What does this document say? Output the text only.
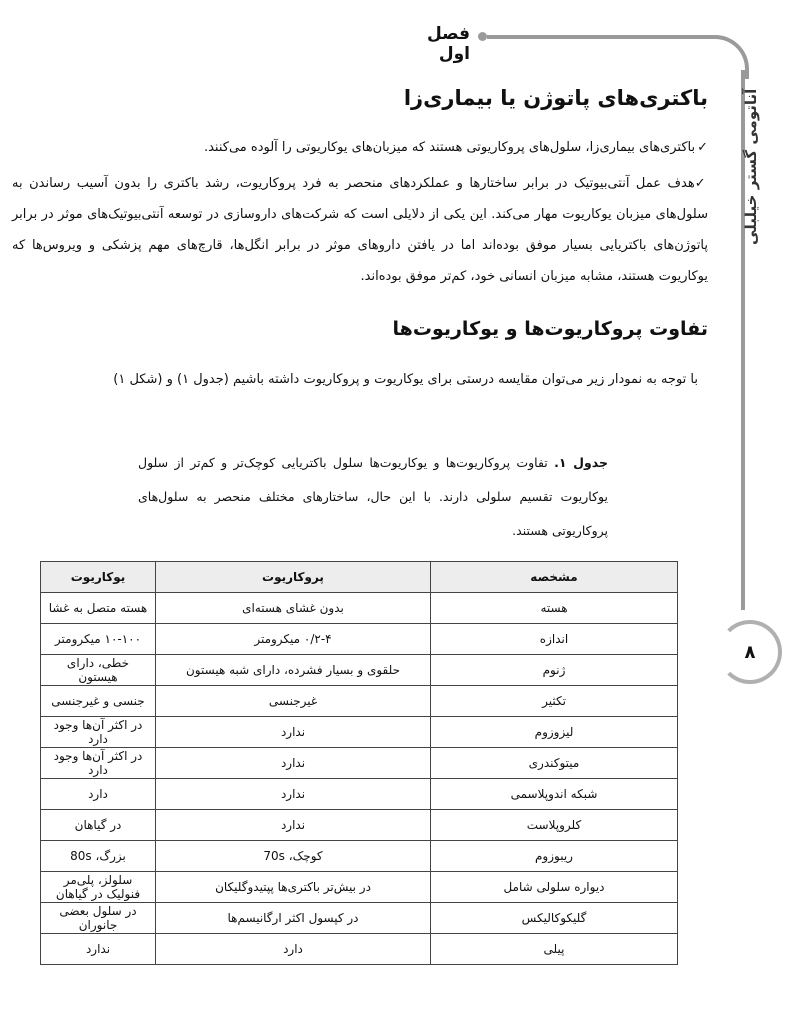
فصل اول
آناتومی گستر خیلبلی
۸
باکتری‌های پاتوژن یا بیماری‌زا
✓باکتری‌های بیماری‌زا، سلول‌های پروکاریوتی هستند که میزبان‌های یوکاریوتی را آلوده می‌کنند.
✓هدف عمل آنتی‌بیوتیک در برابر ساختارها و عملکردهای منحصر به فرد پروکاریوت، رشد باکتری را بدون آسیب رساندن به سلول‌های میزبان یوکاریوت مهار می‌کند. این یکی از دلایلی است که شرکت‌های داروسازی در توسعه آنتی‌بیوتیک‌های موثر در برابر پاتوژن‌های باکتریایی بسیار موفق بوده‌اند اما در یافتن داروهای موثر در برابر انگل‌ها، قارچ‌های مهم پزشکی و ویروس‌ها که یوکاریوت هستند، مشابه میزبان انسانی خود، کم‌تر موفق بوده‌اند.
تفاوت پروکاریوت‌ها و یوکاریوت‌ها
با توجه به نمودار زیر می‌توان مقایسه درستی برای یوکاریوت و پروکاریوت داشته باشیم (جدول ۱) و (شکل ۱)
جدول ۱. تفاوت پروکاریوت‌ها و یوکاریوت‌ها سلول باکتریایی کوچک‌تر و کم‌تر از سلول یوکاریوت تقسیم سلولی دارند. با این حال، ساختارهای مختلف منحصر به سلول‌های پروکاریوتی هستند.
مشخصه	پروکاریوت	یوکاریوت
هسته	بدون غشای هسته‌ای	هسته متصل به غشا
اندازه	۰/۲-۴ میکرومتر	۱۰-۱۰۰ میکرومتر
ژنوم	حلقوی و بسیار فشرده، دارای شبه هیستون	خطی، دارای هیستون
تکثیر	غیرجنسی	جنسی و غیرجنسی
لیزوزوم	ندارد	در اکثر آن‌ها وجود دارد
میتوکندری	ندارد	در اکثر آن‌ها وجود دارد
شبکه اندوپلاسمی	ندارد	دارد
کلروپلاست	ندارد	در گیاهان
ریبوزوم	کوچک، 70s	بزرگ، 80s
دیواره سلولی شامل	در بیش‌تر باکتری‌ها پپتیدوگلیکان	سلولز، پلی‌مر فنولیک در گیاهان
گلیکوکالیکس	در کپسول اکثر ارگانیسم‌ها	در سلول بعضی جانوران
پیلی	دارد	ندارد
